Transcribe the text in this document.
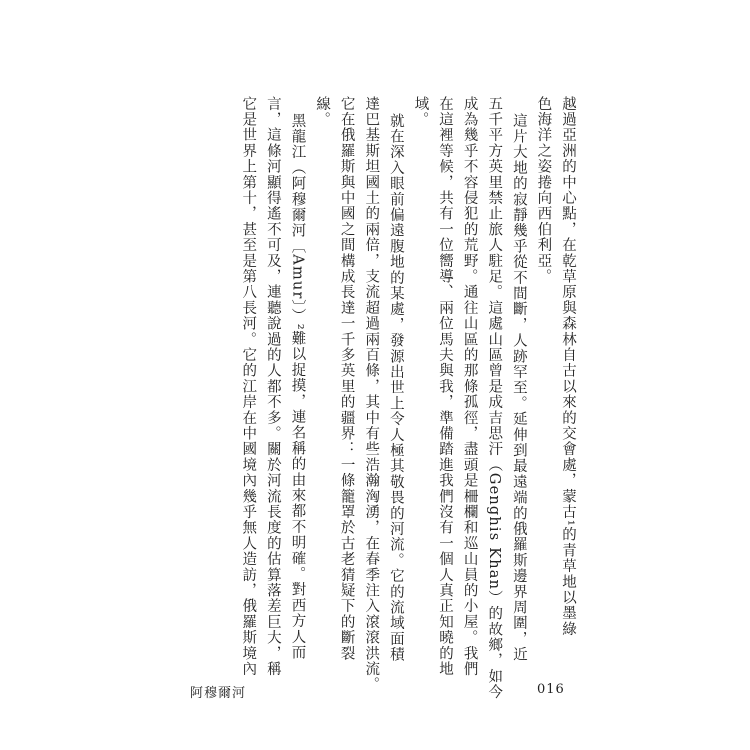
越過亞洲的中心點，在乾草原與森林自古以來的交會處，蒙古¹的青草地以墨綠

色海洋之姿捲向西伯利亞。

這片大地的寂靜幾乎從不間斷，人跡罕至。延伸到最遠端的俄羅斯邊界周圍，近

五千平方英里禁止旅人駐足。這處山區曾是成吉思汗（Genghis Khan）的故鄉，如今

成為幾乎不容侵犯的荒野。通往山區的那條孤徑，盡頭是柵欄和巡山員的小屋。我們

在這裡等候，共有一位嚮導、兩位馬夫與我，準備踏進我們沒有一個人真正知曉的地

域。

就在深入眼前偏遠腹地的某處，發源出世上令人極其敬畏的河流。它的流域面積

達巴基斯坦國土的兩倍，支流超過兩百條，其中有些浩瀚洶湧，在春季注入滾滾洪流。

它在俄羅斯與中國之間構成長達一千多英里的疆界：一條籠罩於古老猜疑下的斷裂

線。

黑龍江（阿穆爾河〔Amur〕）²難以捉摸，連名稱的由來都不明確。對西方人而

言，這條河顯得遙不可及，連聽說過的人都不多。關於河流長度的估算落差巨大，稱

它是世界上第十，甚至是第八長河。它的江岸在中國境內幾乎無人造訪，俄羅斯境內

阿穆爾河	016
